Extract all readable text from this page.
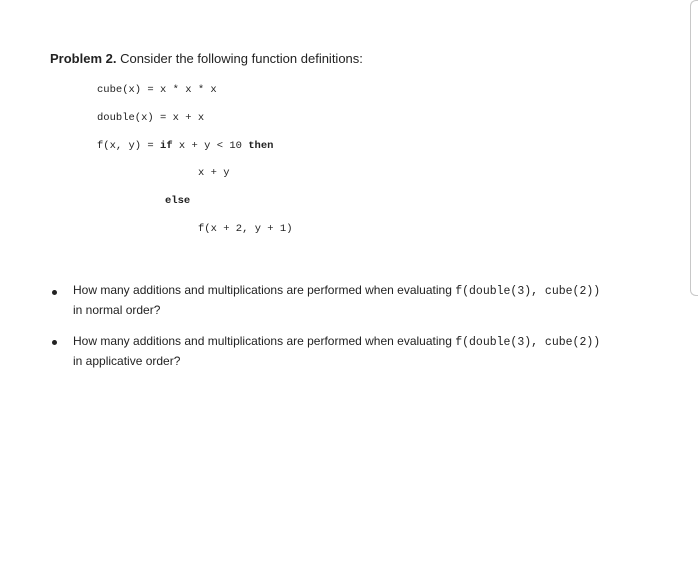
Problem 2. Consider the following function definitions:
cube(x) = x * x * x
double(x) = x + x
f(x, y) = if x + y < 10 then
x + y
else
f(x + 2, y + 1)
How many additions and multiplications are performed when evaluating f(double(3), cube(2))
in normal order?
How many additions and multiplications are performed when evaluating f(double(3), cube(2))
in applicative order?
